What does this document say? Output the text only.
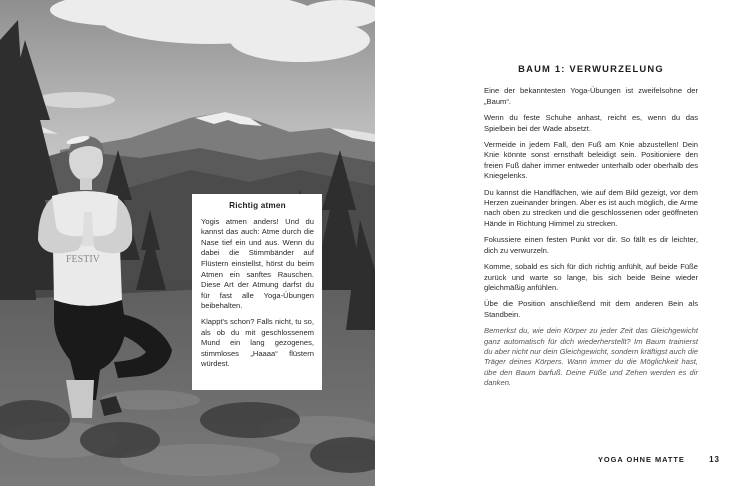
FESTIV
Richtig atmen

Yogis atmen anders! Und du kannst das auch: Atme durch die Nase tief ein und aus. Wenn du dabei die Stimmbänder auf Flüstern einstellst, hörst du beim Atmen ein sanftes Rauschen. Diese Art der Atmung darfst du für fast alle Yoga-Übungen beibehalten.

Klappt's schon? Falls nicht, tu so, als ob du mit geschlossenem Mund ein lang gezogenes, stimmloses „Haaaa“ flüstern würdest.

BAUM 1: VERWURZELUNG

Eine der bekanntesten Yoga-Übungen ist zweifelsohne der „Baum“.

Wenn du feste Schuhe anhast, reicht es, wenn du das Spielbein bei der Wade absetzt.

Vermeide in jedem Fall, den Fuß am Knie abzustellen! Dein Knie könnte sonst ernsthaft beleidigt sein. Positioniere den freien Fuß daher immer entweder unterhalb oder oberhalb des Kniegelenks.

Du kannst die Handflächen, wie auf dem Bild gezeigt, vor dem Herzen zueinander bringen. Aber es ist auch möglich, die Arme nach oben zu strecken und die geschlossenen oder geöffneten Hände in Richtung Himmel zu strecken.

Fokussiere einen festen Punkt vor dir. So fällt es dir leichter, dich zu verwurzeln.

Komme, sobald es sich für dich richtig anfühlt, auf beide Füße zurück und warte so lange, bis sich beide Beine wieder gleichmäßig anfühlen.

Übe die Position anschließend mit dem anderen Bein als Standbein.

Bemerkst du, wie dein Körper zu jeder Zeit das Gleichgewicht ganz automatisch für dich wiederherstellt? Im Baum trainierst du aber nicht nur dein Gleichgewicht, sondern kräftigst auch die Träger deines Körpers. Wann immer du die Möglichkeit hast, übe den Baum barfuß. Deine Füße und Zehen werden es dir danken.

YOGA OHNE MATTE	13
